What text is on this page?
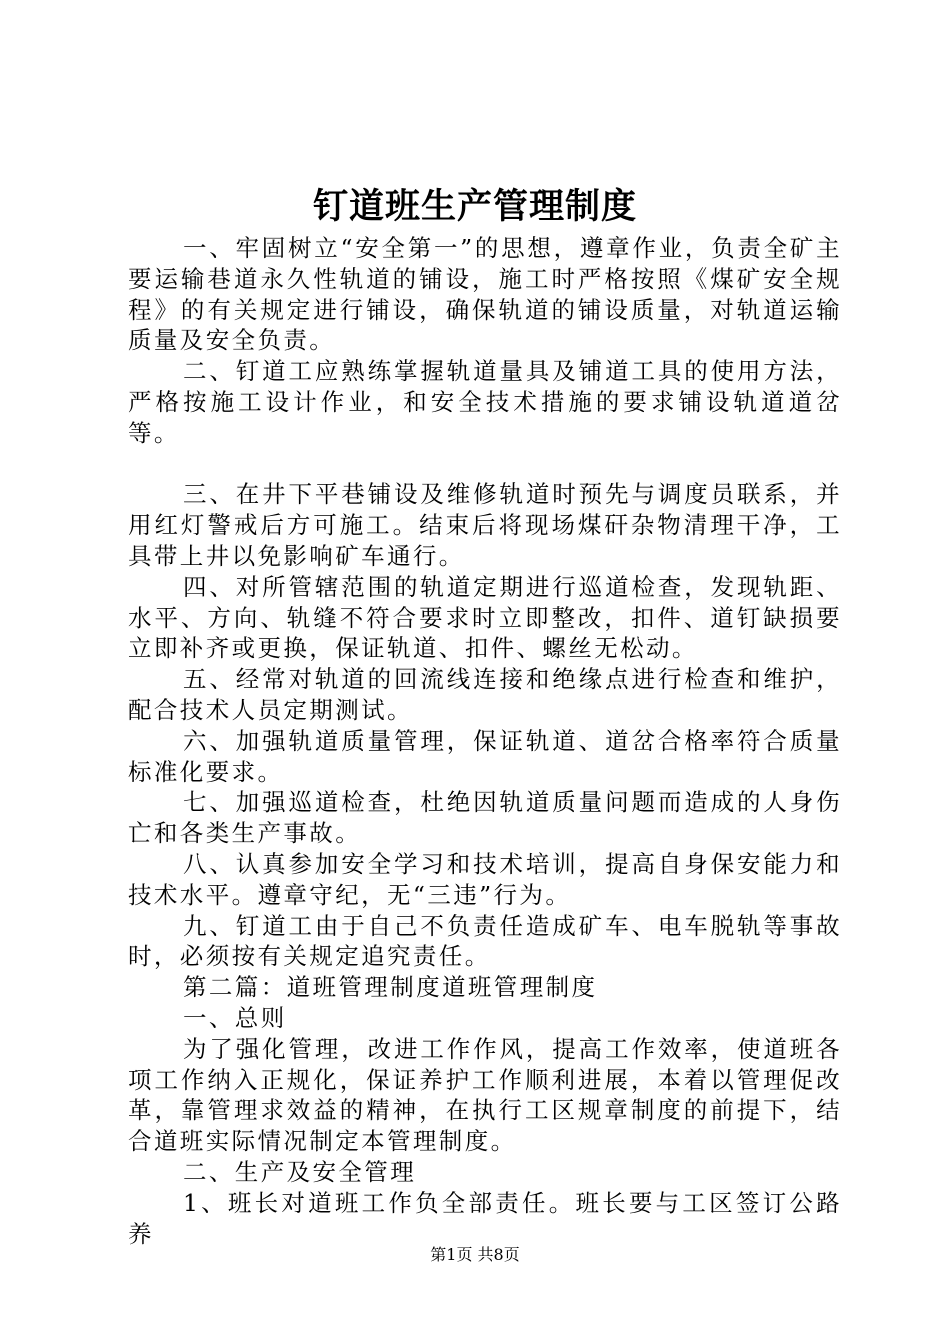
钉道班生产管理制度

一、牢固树立“安全第一”的思想，遵章作业，负责全矿主要运输巷道永久性轨道的铺设，施工时严格按照《煤矿安全规程》的有关规定进行铺设，确保轨道的铺设质量，对轨道运输质量及安全负责。

二、钉道工应熟练掌握轨道量具及铺道工具的使用方法，严格按施工设计作业，和安全技术措施的要求铺设轨道道岔等。

三、在井下平巷铺设及维修轨道时预先与调度员联系，并用红灯警戒后方可施工。结束后将现场煤矸杂物清理干净，工具带上井以免影响矿车通行。

四、对所管辖范围的轨道定期进行巡道检查，发现轨距、水平、方向、轨缝不符合要求时立即整改，扣件、道钉缺损要立即补齐或更换，保证轨道、扣件、螺丝无松动。

五、经常对轨道的回流线连接和绝缘点进行检查和维护，配合技术人员定期测试。

六、加强轨道质量管理，保证轨道、道岔合格率符合质量标准化要求。

七、加强巡道检查，杜绝因轨道质量问题而造成的人身伤亡和各类生产事故。

八、认真参加安全学习和技术培训，提高自身保安能力和技术水平。遵章守纪，无“三违”行为。

九、钉道工由于自己不负责任造成矿车、电车脱轨等事故时，必须按有关规定追究责任。

第二篇：道班管理制度道班管理制度

一、总则

为了强化管理，改进工作作风，提高工作效率，使道班各项工作纳入正规化，保证养护工作顺利进展，本着以管理促改革，靠管理求效益的精神，在执行工区规章制度的前提下，结合道班实际情况制定本管理制度。

二、生产及安全管理

1、班长对道班工作负全部责任。班长要与工区签订公路养

第1页 共8页
